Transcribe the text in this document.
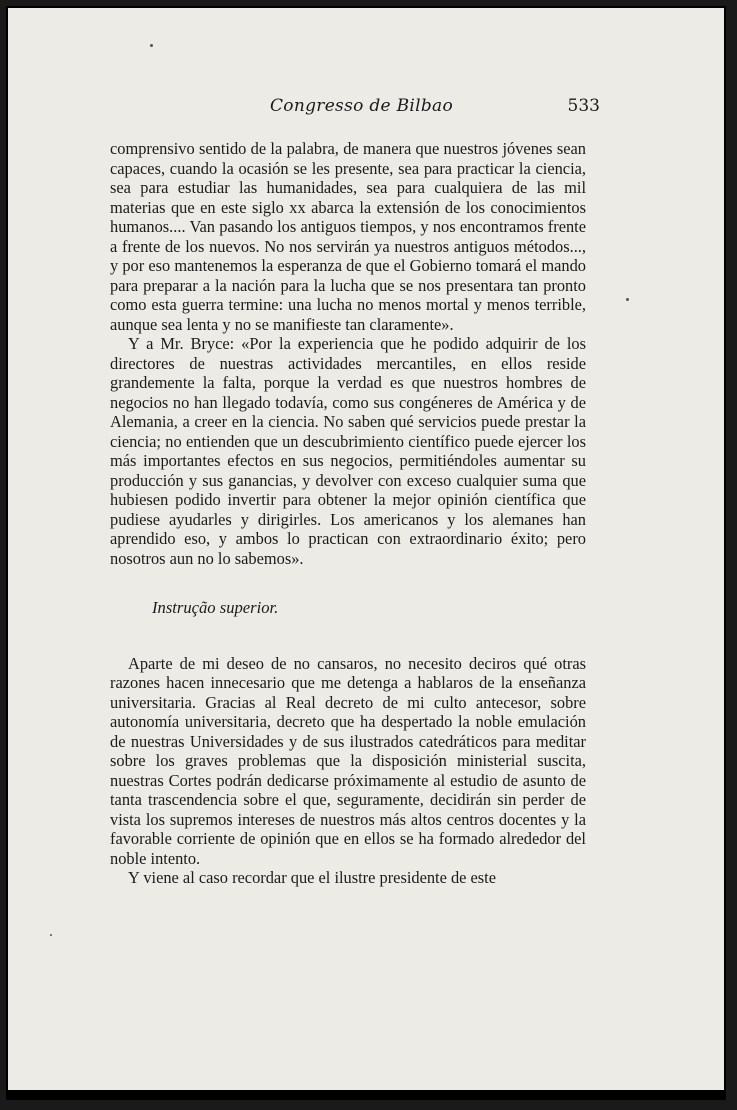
Congresso de Bilbao	533

comprensivo sentido de la palabra, de manera que nuestros jóvenes sean capaces, cuando la ocasión se les presente, sea para practicar la ciencia, sea para estudiar las humanidades, sea para cualquiera de las mil materias que en este siglo xx abarca la extensión de los conocimientos humanos.... Van pasando los antiguos tiempos, y nos encontramos frente a frente de los nuevos. No nos servirán ya nuestros antiguos métodos..., y por eso mantenemos la esperanza de que el Gobierno tomará el mando para preparar a la nación para la lucha que se nos presentara tan pronto como esta guerra termine: una lucha no menos mortal y menos terrible, aunque sea lenta y no se manifieste tan claramente».

Y a Mr. Bryce: «Por la experiencia que he podido adquirir de los directores de nuestras actividades mercantiles, en ellos reside grandemente la falta, porque la verdad es que nuestros hombres de negocios no han llegado todavía, como sus congéneres de América y de Alemania, a creer en la ciencia. No saben qué servicios puede prestar la ciencia; no entienden que un descubrimiento científico puede ejercer los más importantes efectos en sus negocios, permitiéndoles aumentar su producción y sus ganancias, y devolver con exceso cualquier suma que hubiesen podido invertir para obtener la mejor opinión científica que pudiese ayudarles y dirigirles. Los americanos y los alemanes han aprendido eso, y ambos lo practican con extraordinario éxito; pero nosotros aun no lo sabemos».

Instrução superior.

Aparte de mi deseo de no cansaros, no necesito deciros qué otras razones hacen innecesario que me detenga a hablaros de la enseñanza universitaria. Gracias al Real decreto de mi culto antecesor, sobre autonomía universitaria, decreto que ha despertado la noble emulación de nuestras Universidades y de sus ilustrados catedráticos para meditar sobre los graves problemas que la disposición ministerial suscita, nuestras Cortes podrán dedicarse próximamente al estudio de asunto de tanta trascendencia sobre el que, seguramente, decidirán sin perder de vista los supremos intereses de nuestros más altos centros docentes y la favorable corriente de opinión que en ellos se ha formado alrededor del noble intento.

Y viene al caso recordar que el ilustre presidente de este
